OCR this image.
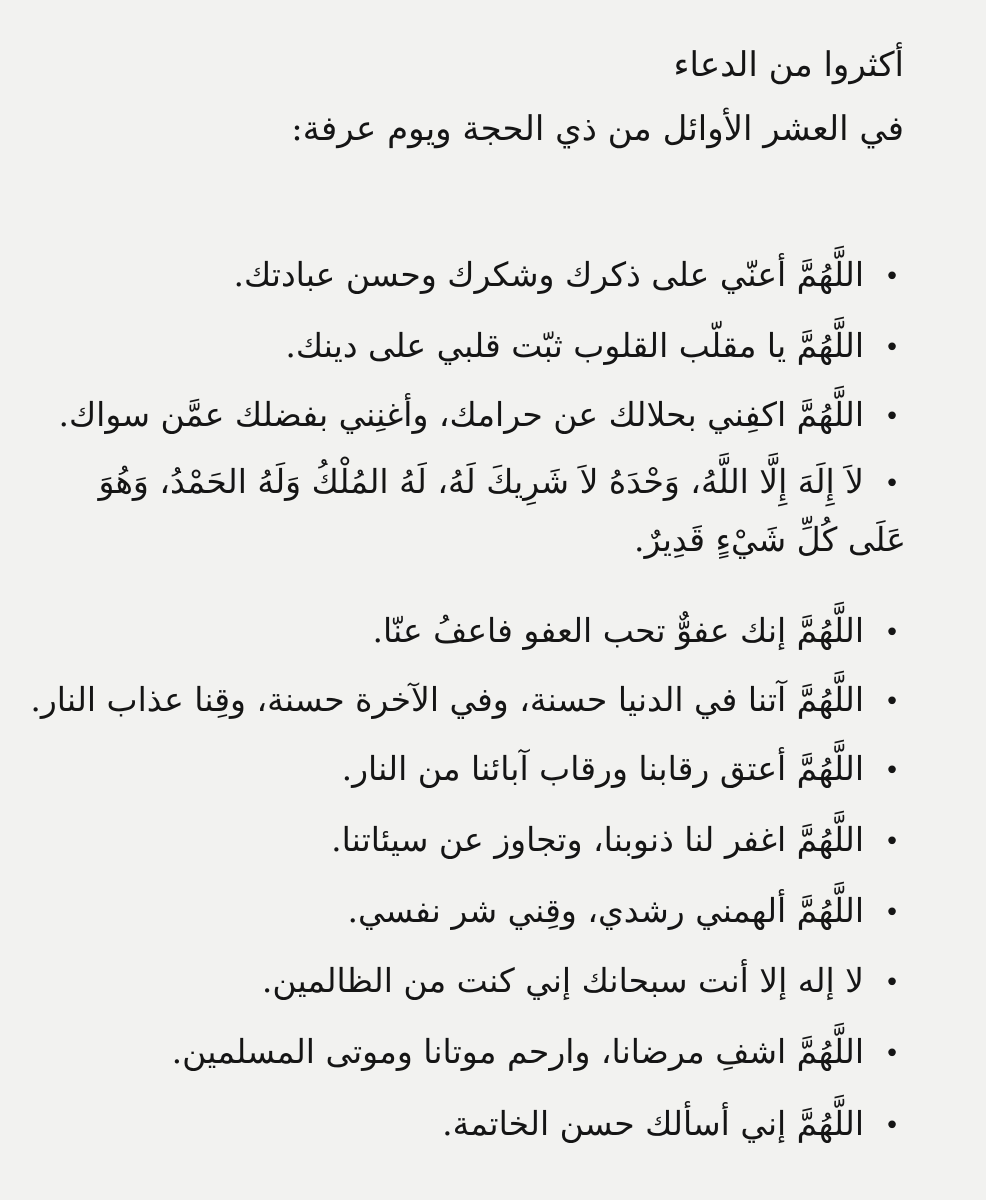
أكثروا من الدعاء
في العشر الأوائل من ذي الحجة ويوم عرفة:
•اللَّهُمَّ أعنّي على ذكرك وشكرك وحسن عبادتك.
•اللَّهُمَّ يا مقلّب القلوب ثبّت قلبي على دينك.
•اللَّهُمَّ اكفِني بحلالك عن حرامك، وأغنِني بفضلك عمَّن سواك.
•لاَ إِلَهَ إِلَّا اللَّهُ، وَحْدَهُ لاَ شَرِيكَ لَهُ، لَهُ المُلْكُ وَلَهُ الحَمْدُ، وَهُوَ عَلَى كُلِّ شَيْءٍ قَدِيرٌ.
•اللَّهُمَّ إنك عفوٌّ تحب العفو فاعفُ عنّا.
•اللَّهُمَّ آتنا في الدنيا حسنة، وفي الآخرة حسنة، وقِنا عذاب النار.
•اللَّهُمَّ أعتق رقابنا ورقاب آبائنا من النار.
•اللَّهُمَّ اغفر لنا ذنوبنا، وتجاوز عن سيئاتنا.
•اللَّهُمَّ ألهمني رشدي، وقِني شر نفسي.
•لا إله إلا أنت سبحانك إني كنت من الظالمين.
•اللَّهُمَّ اشفِ مرضانا، وارحم موتانا وموتى المسلمين.
•اللَّهُمَّ إني أسألك حسن الخاتمة.
